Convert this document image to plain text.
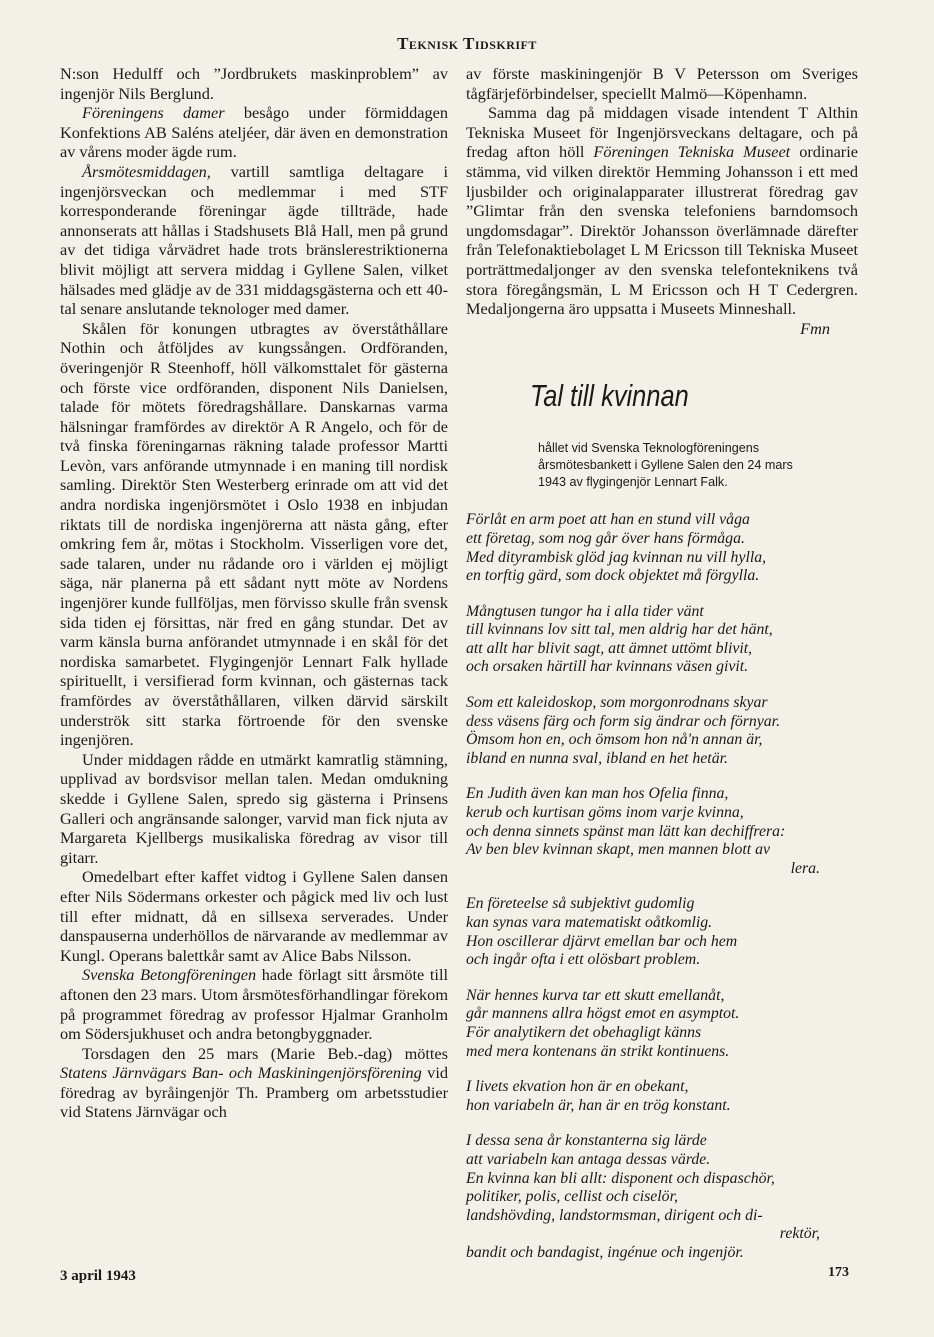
Teknisk Tidskrift

N:son Hedulff och ”Jordbrukets maskinproblem” av ingenjör Nils Berglund.

Föreningens damer besågo under förmiddagen Konfektions AB Saléns ateljéer, där även en demonstration av vårens moder ägde rum.

Årsmötesmiddagen, vartill samtliga deltagare i ingenjörsveckan och medlemmar i med STF korresponderande föreningar ägde tillträde, hade annonserats att hållas i Stadshusets Blå Hall, men på grund av det tidiga vårvädret hade trots bränslerestriktionerna blivit möjligt att servera middag i Gyllene Salen, vilket hälsades med glädje av de 331 middagsgästerna och ett 40-tal senare anslutande teknologer med damer.

Skålen för konungen utbragtes av överståthållare Nothin och åtföljdes av kungssången. Ordföranden, överingenjör R Steenhoff, höll välkomsttalet för gästerna och förste vice ordföranden, disponent Nils Danielsen, talade för mötets föredragshållare. Danskarnas varma hälsningar framfördes av direktör A R Angelo, och för de två finska föreningarnas räkning talade professor Martti Levòn, vars anförande utmynnade i en maning till nordisk samling. Direktör Sten Westerberg erinrade om att vid det andra nordiska ingenjörsmötet i Oslo 1938 en inbjudan riktats till de nordiska ingenjörerna att nästa gång, efter omkring fem år, mötas i Stockholm. Visserligen vore det, sade talaren, under nu rådande oro i världen ej möjligt säga, när planerna på ett sådant nytt möte av Nordens ingenjörer kunde fullföljas, men förvisso skulle från svensk sida tiden ej försittas, när fred en gång stundar. Det av varm känsla burna anförandet utmynnade i en skål för det nordiska samarbetet. Flygingenjör Lennart Falk hyllade spirituellt, i versifierad form kvinnan, och gästernas tack framfördes av överståthållaren, vilken därvid särskilt underströk sitt starka förtroende för den svenske ingenjören.

Under middagen rådde en utmärkt kamratlig stämning, upplivad av bordsvisor mellan talen. Medan omdukning skedde i Gyllene Salen, spredo sig gästerna i Prinsens Galleri och angränsande salonger, varvid man fick njuta av Margareta Kjellbergs musikaliska föredrag av visor till gitarr.

Omedelbart efter kaffet vidtog i Gyllene Salen dansen efter Nils Södermans orkester och pågick med liv och lust till efter midnatt, då en sillsexa serverades. Under danspauserna underhöllos de närvarande av medlemmar av Kungl. Operans balettkår samt av Alice Babs Nilsson.

Svenska Betongföreningen hade förlagt sitt årsmöte till aftonen den 23 mars. Utom årsmötesförhandlingar förekom på programmet föredrag av professor Hjalmar Granholm om Södersjukhuset och andra betongbyggnader.

Torsdagen den 25 mars (Marie Beb.-dag) möttes Statens Järnvägars Ban- och Maskiningenjörsförening vid föredrag av byråingenjör Th. Pramberg om arbetsstudier vid Statens Järnvägar och

av förste maskiningenjör B V Petersson om Sveriges tågfärjeförbindelser, speciellt Malmö—Köpenhamn.

Samma dag på middagen visade intendent T Althin Tekniska Museet för Ingenjörsveckans deltagare, och på fredag afton höll Föreningen Tekniska Museet ordinarie stämma, vid vilken direktör Hemming Johansson i ett med ljusbilder och originalapparater illustrerat föredrag gav ”Glimtar från den svenska telefoniens barndomsoch ungdomsdagar”. Direktör Johansson överlämnade därefter från Telefonaktiebolaget L M Ericsson till Tekniska Museet porträttmedaljonger av den svenska telefonteknikens två stora föregångsmän, L M Ericsson och H T Cedergren. Medaljongerna äro uppsatta i Museets Minneshall.

Fmn

Tal till kvinnan
hållet vid Svenska Teknologföreningens årsmötesbankett i Gyllene Salen den 24 mars 1943 av flygingenjör Lennart Falk.
Förlåt en arm poet att han en stund vill våga
ett företag, som nog går över hans förmåga.
Med dityrambisk glöd jag kvinnan nu vill hylla,
en torftig gärd, som dock objektet må förgylla.
Mångtusen tungor ha i alla tider vänt
till kvinnans lov sitt tal, men aldrig har det hänt,
att allt har blivit sagt, att ämnet uttömt blivit,
och orsaken härtill har kvinnans väsen givit.
Som ett kaleidoskop, som morgonrodnans skyar
dess väsens färg och form sig ändrar och förnyar.
Ömsom hon en, och ömsom hon nå'n annan är,
ibland en nunna sval, ibland en het hetär.
En Judith även kan man hos Ofelia finna,
kerub och kurtisan göms inom varje kvinna,
och denna sinnets spänst man lätt kan dechiffrera:
Av ben blev kvinnan skapt, men mannen blott av
lera.
En företeelse så subjektivt gudomlig
kan synas vara matematiskt oåtkomlig.
Hon oscillerar djärvt emellan bar och hem
och ingår ofta i ett olösbart problem.
När hennes kurva tar ett skutt emellanåt,
går mannens allra högst emot en asymptot.
För analytikern det obehagligt känns
med mera kontenans än strikt kontinuens.
I livets ekvation hon är en obekant,
hon variabeln är, han är en trög konstant.
I dessa sena år konstanterna sig lärde
att variabeln kan antaga dessas värde.
En kvinna kan bli allt: disponent och dispaschör,
politiker, polis, cellist och ciselör,
landshövding, landstormsman, dirigent och di-
rektör,
bandit och bandagist, ingénue och ingenjör.
3 april 1943	173
